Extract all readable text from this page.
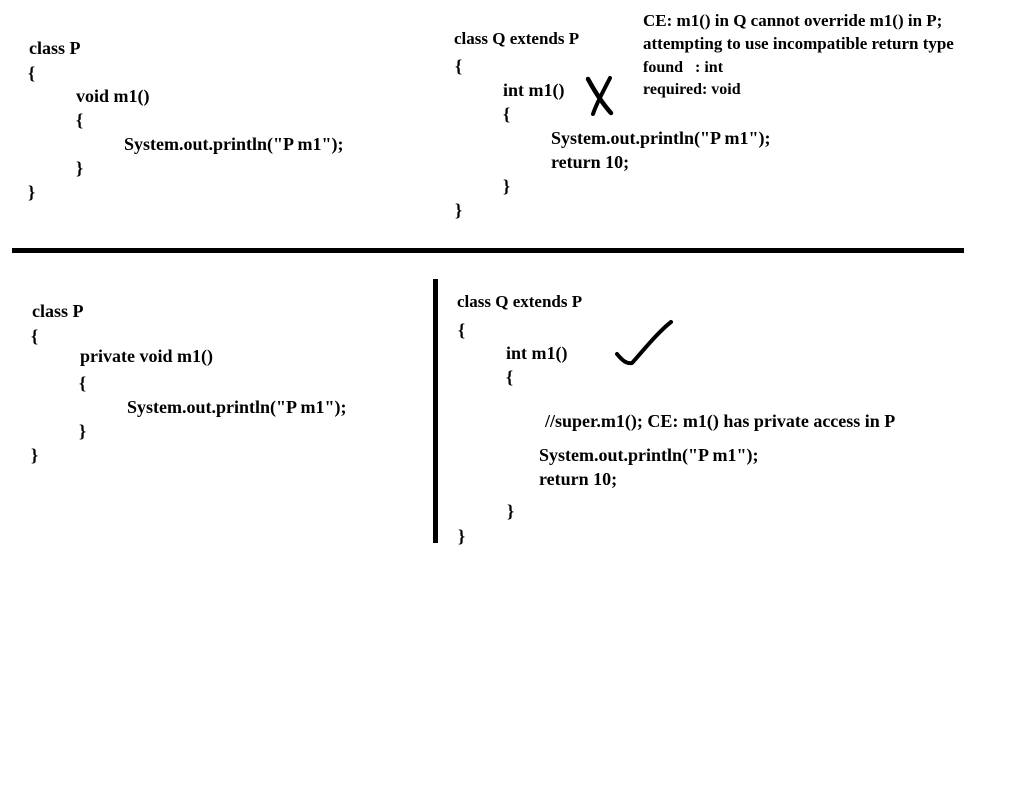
class P
{
void m1()
{
System.out.println("P m1");
}
}
class Q extends P
{
int m1()
{
System.out.println("P m1");
return 10;
}
}
CE: m1() in Q cannot override m1() in P;
attempting to use incompatible return type
found   : int
required: void
class P
{
private void m1()
{
System.out.println("P m1");
}
}
class Q extends P
{
int m1()
{
//super.m1(); CE: m1() has private access in P
System.out.println("P m1");
return 10;
}
}
